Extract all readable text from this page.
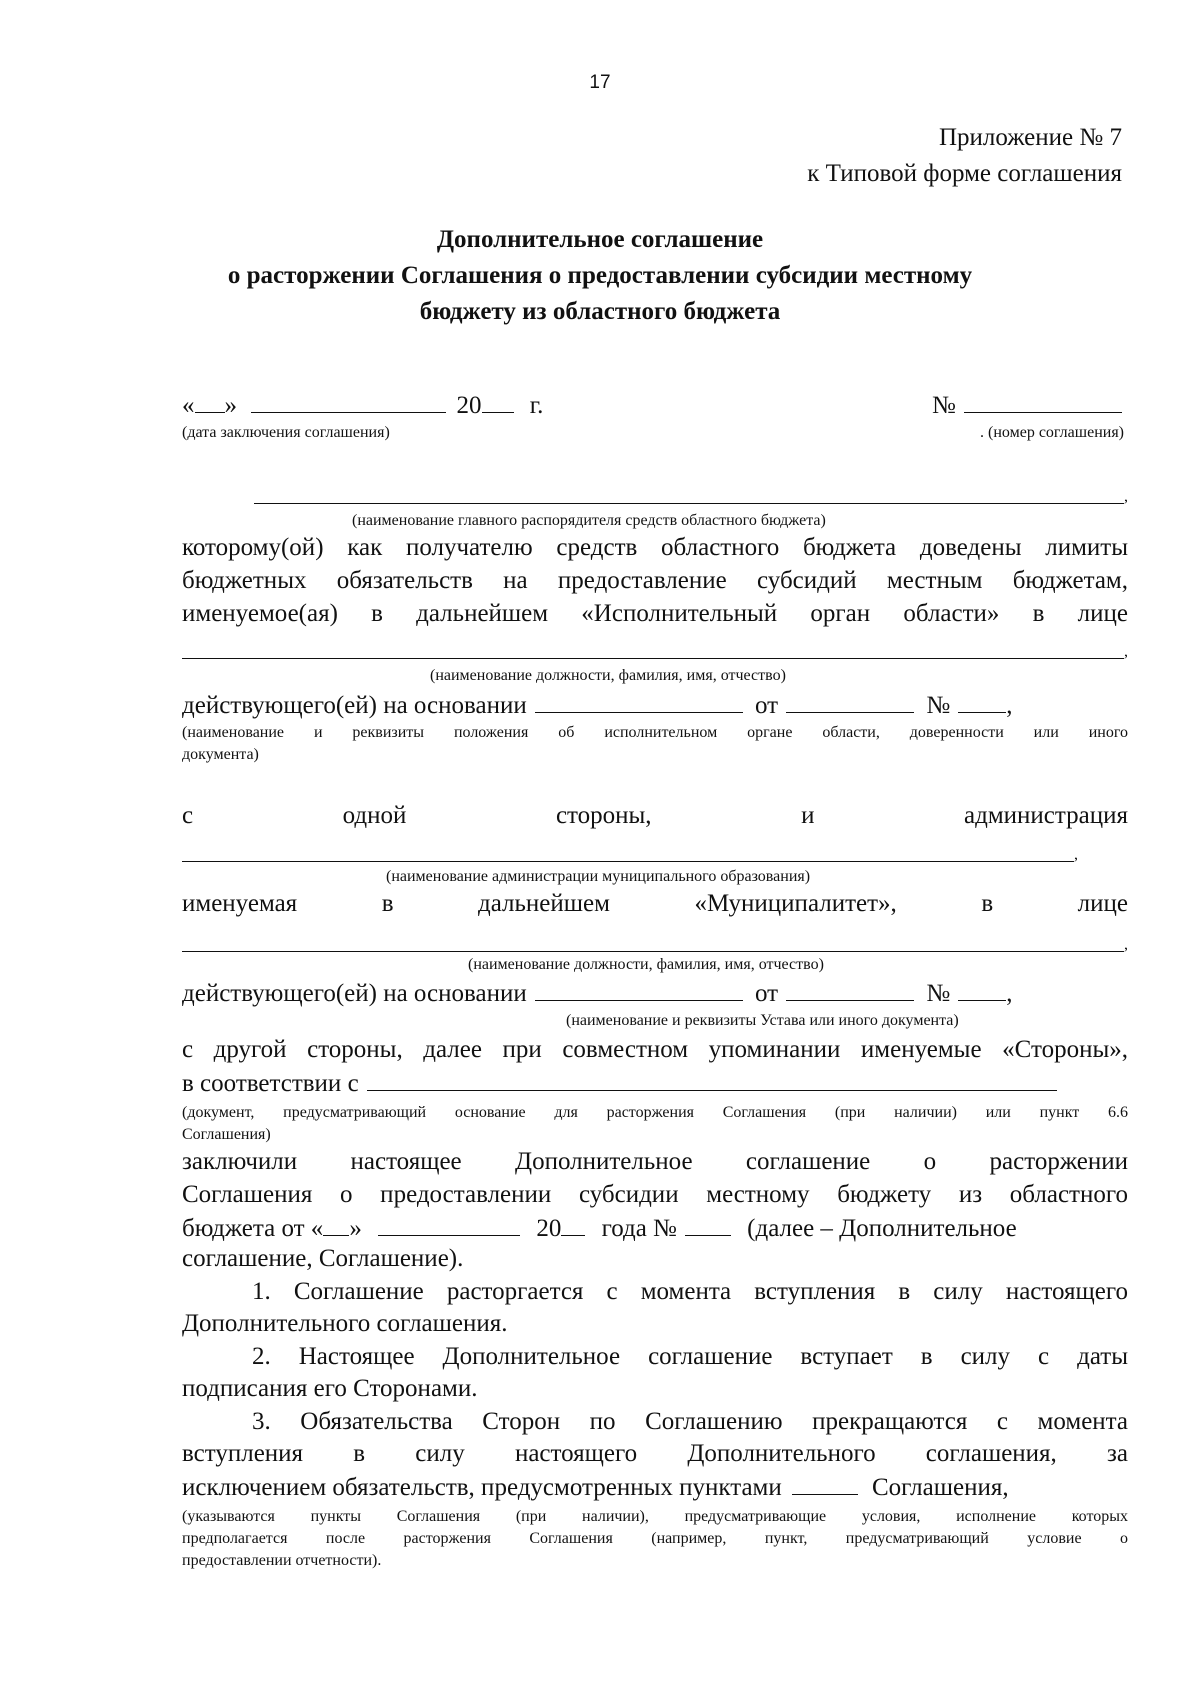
17
Приложение № 7
к Типовой форме соглашения
Дополнительное соглашение
о расторжении Соглашения о предоставлении субсидии местному
бюджету из областного бюджета
« »	20 г.	№
(дата заключения соглашения)	. (номер соглашения)
,
(наименование главного распорядителя средств областного бюджета)
которому(ой) как получателю средств областного бюджета доведены лимиты
бюджетных обязательств на предоставление субсидий местным бюджетам,
именуемое(ая) в дальнейшем «Исполнительный орган области» в лице
,
(наименование должности, фамилия, имя, отчество)
действующего(ей) на основании	от	№ ,
(наименование и реквизиты положения об исполнительном органе области, доверенности или иного
документа)
с	одной	стороны,	и	администрация
,
(наименование администрации муниципального образования)
именуемая	в	дальнейшем	«Муниципалитет»,	в	лице
,
(наименование должности, фамилия, имя, отчество)
действующего(ей) на основании	от	№ ,
(наименование и реквизиты Устава или иного документа)
с другой стороны, далее при совместном упоминании именуемые «Стороны»,
в соответствии с
(документ, предусматривающий основание для расторжения Соглашения (при наличии) или пункт 6.6
Соглашения)
заключили настоящее Дополнительное соглашение о расторжении
Соглашения о предоставлении субсидии местному бюджету из областного
бюджета от « »	20 года №	(далее – Дополнительное
соглашение, Соглашение).
1. Соглашение расторгается с момента вступления в силу настоящего
Дополнительного соглашения.
2. Настоящее Дополнительное соглашение вступает в силу с даты
подписания его Сторонами.
3. Обязательства Сторон по Соглашению прекращаются с момента
вступления в силу настоящего Дополнительного соглашения, за
исключением обязательств, предусмотренных пунктами	Соглашения,
(указываются пункты Соглашения (при наличии), предусматривающие условия, исполнение которых
предполагается после расторжения Соглашения (например, пункт, предусматривающий условие о
предоставлении отчетности).
